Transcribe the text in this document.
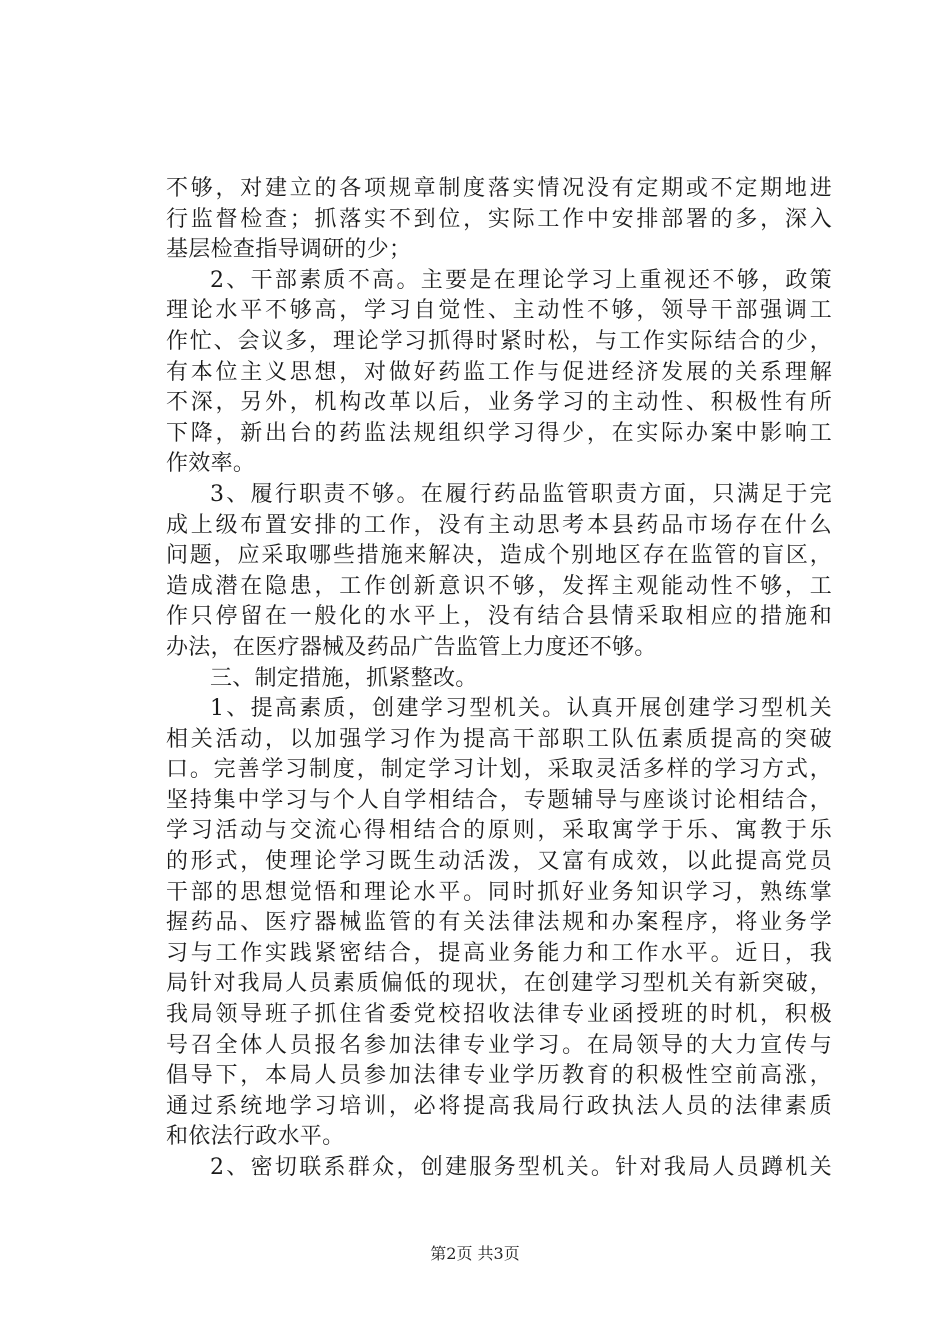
不够，对建立的各项规章制度落实情况没有定期或不定期地进
行监督检查；抓落实不到位，实际工作中安排部署的多，深入
基层检查指导调研的少；
2、干部素质不高。主要是在理论学习上重视还不够，政策
理论水平不够高，学习自觉性、主动性不够，领导干部强调工
作忙、会议多，理论学习抓得时紧时松，与工作实际结合的少，
有本位主义思想，对做好药监工作与促进经济发展的关系理解
不深，另外，机构改革以后，业务学习的主动性、积极性有所
下降，新出台的药监法规组织学习得少，在实际办案中影响工
作效率。
3、履行职责不够。在履行药品监管职责方面，只满足于完
成上级布置安排的工作，没有主动思考本县药品市场存在什么
问题，应采取哪些措施来解决，造成个别地区存在监管的盲区，
造成潜在隐患，工作创新意识不够，发挥主观能动性不够，工
作只停留在一般化的水平上，没有结合县情采取相应的措施和
办法，在医疗器械及药品广告监管上力度还不够。
三、制定措施，抓紧整改。
1、提高素质，创建学习型机关。认真开展创建学习型机关
相关活动，以加强学习作为提高干部职工队伍素质提高的突破
口。完善学习制度，制定学习计划，采取灵活多样的学习方式，
坚持集中学习与个人自学相结合，专题辅导与座谈讨论相结合，
学习活动与交流心得相结合的原则，采取寓学于乐、寓教于乐
的形式，使理论学习既生动活泼，又富有成效，以此提高党员
干部的思想觉悟和理论水平。同时抓好业务知识学习，熟练掌
握药品、医疗器械监管的有关法律法规和办案程序，将业务学
习与工作实践紧密结合，提高业务能力和工作水平。近日，我
局针对我局人员素质偏低的现状，在创建学习型机关有新突破，
我局领导班子抓住省委党校招收法律专业函授班的时机，积极
号召全体人员报名参加法律专业学习。在局领导的大力宣传与
倡导下，本局人员参加法律专业学历教育的积极性空前高涨，
通过系统地学习培训，必将提高我局行政执法人员的法律素质
和依法行政水平。
2、密切联系群众，创建服务型机关。针对我局人员蹲机关
第2页 共3页
